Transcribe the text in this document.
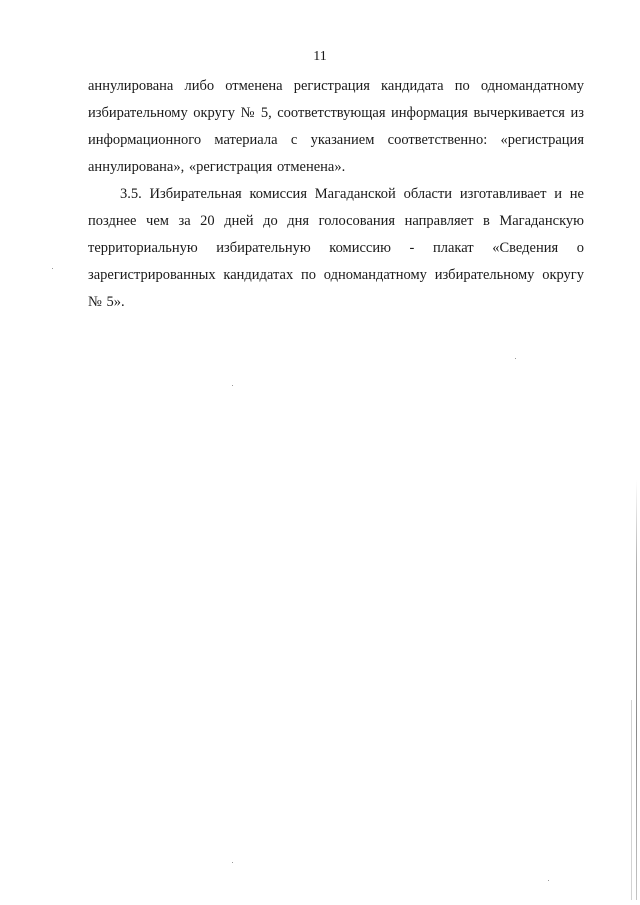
11

аннулирована либо отменена регистрация кандидата по одномандатному избирательному округу № 5, соответствующая информация вычеркивается из информационного материала с указанием соответственно: «регистрация аннулирована», «регистрация отменена».

3.5. Избирательная комиссия Магаданской области изготавливает и не позднее чем за 20 дней до дня голосования направляет в Магаданскую территориальную избирательную комиссию - плакат «Сведения о зарегистрированных кандидатах по одномандатному избирательному округу № 5».
